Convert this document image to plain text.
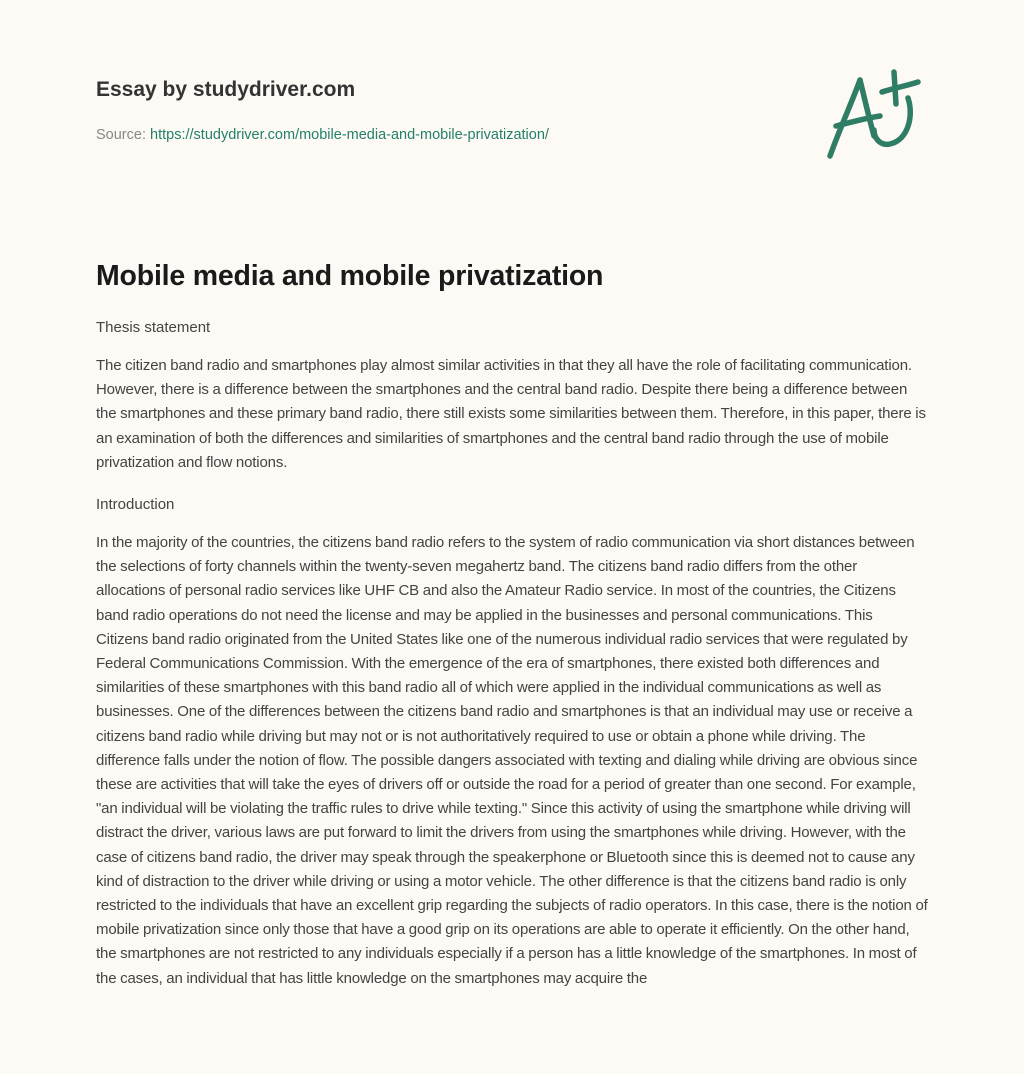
Essay by studydriver.com
Source: https://studydriver.com/mobile-media-and-mobile-privatization/
Mobile media and mobile privatization
Thesis statement

The citizen band radio and smartphones play almost similar activities in that they all have the role of facilitating communication. However, there is a difference between the smartphones and the central band radio. Despite there being a difference between the smartphones and these primary band radio, there still exists some similarities between them. Therefore, in this paper, there is an examination of both the differences and similarities of smartphones and the central band radio through the use of mobile privatization and flow notions.

Introduction

In the majority of the countries, the citizens band radio refers to the system of radio communication via short distances between the selections of forty channels within the twenty-seven megahertz band. The citizens band radio differs from the other allocations of personal radio services like UHF CB and also the Amateur Radio service. In most of the countries, the Citizens band radio operations do not need the license and may be applied in the businesses and personal communications. This Citizens band radio originated from the United States like one of the numerous individual radio services that were regulated by Federal Communications Commission. With the emergence of the era of smartphones, there existed both differences and similarities of these smartphones with this band radio all of which were applied in the individual communications as well as businesses. One of the differences between the citizens band radio and smartphones is that an individual may use or receive a citizens band radio while driving but may not or is not authoritatively required to use or obtain a phone while driving. The difference falls under the notion of flow. The possible dangers associated with texting and dialing while driving are obvious since these are activities that will take the eyes of drivers off or outside the road for a period of greater than one second. For example, "an individual will be violating the traffic rules to drive while texting." Since this activity of using the smartphone while driving will distract the driver, various laws are put forward to limit the drivers from using the smartphones while driving. However, with the case of citizens band radio, the driver may speak through the speakerphone or Bluetooth since this is deemed not to cause any kind of distraction to the driver while driving or using a motor vehicle. The other difference is that the citizens band radio is only restricted to the individuals that have an excellent grip regarding the subjects of radio operators. In this case, there is the notion of mobile privatization since only those that have a good grip on its operations are able to operate it efficiently. On the other hand, the smartphones are not restricted to any individuals especially if a person has a little knowledge of the smartphones. In most of the cases, an individual that has little knowledge on the smartphones may acquire the
